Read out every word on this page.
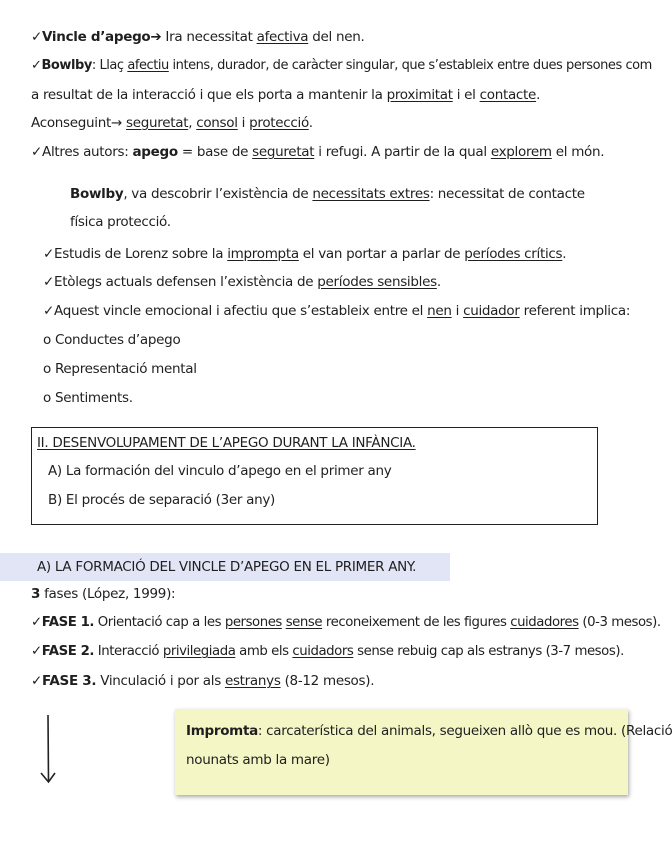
✓Vincle d’apego➔ Ira necessitat afectiva del nen.
✓Bowlby: Llaç afectiu intens, durador, de caràcter singular, que s’estableix entre dues persones com
a resultat de la interacció i que els porta a mantenir la proximitat i el contacte.
Aconseguint→ seguretat, consol i protecció.
✓Altres autors: apego = base de seguretat i refugi. A partir de la qual explorem el món.
Bowlby, va descobrir l’existència de necessitats extres: necessitat de contacte
física protecció.
✓Estudis de Lorenz sobre la impromptа el van portar a parlar de períodes crítics.
✓Etòlegs actuals defensen l’existència de períodes sensibles.
✓Aquest vincle emocional i afectiu que s’estableix entre el nen i cuidador referent implica:
o Conductes d’apego
o Representació mental
o Sentiments.
II. DESENVOLUPAMENT DE L’APEGO DURANT LA INFÀNCIA.
A) La formación del vinculo d’apego en el primer any
B) El procés de separació (3er any)
A) LA FORMACIÓ DEL VINCLE D’APEGO EN EL PRIMER ANY.
3 fases (López, 1999):
✓FASE 1. Orientació cap a les persones sense reconeixement de les figures cuidadores (0-3 mesos).
✓FASE 2. Interacció privilegiada amb els cuidadors sense rebuig cap als estranys (3-7 mesos).
✓FASE 3. Vinculació i por als estranys (8-12 mesos).
Impromta: carcaterística del animals, segueixen allò que es mou. (Relació
nounats amb la mare)
